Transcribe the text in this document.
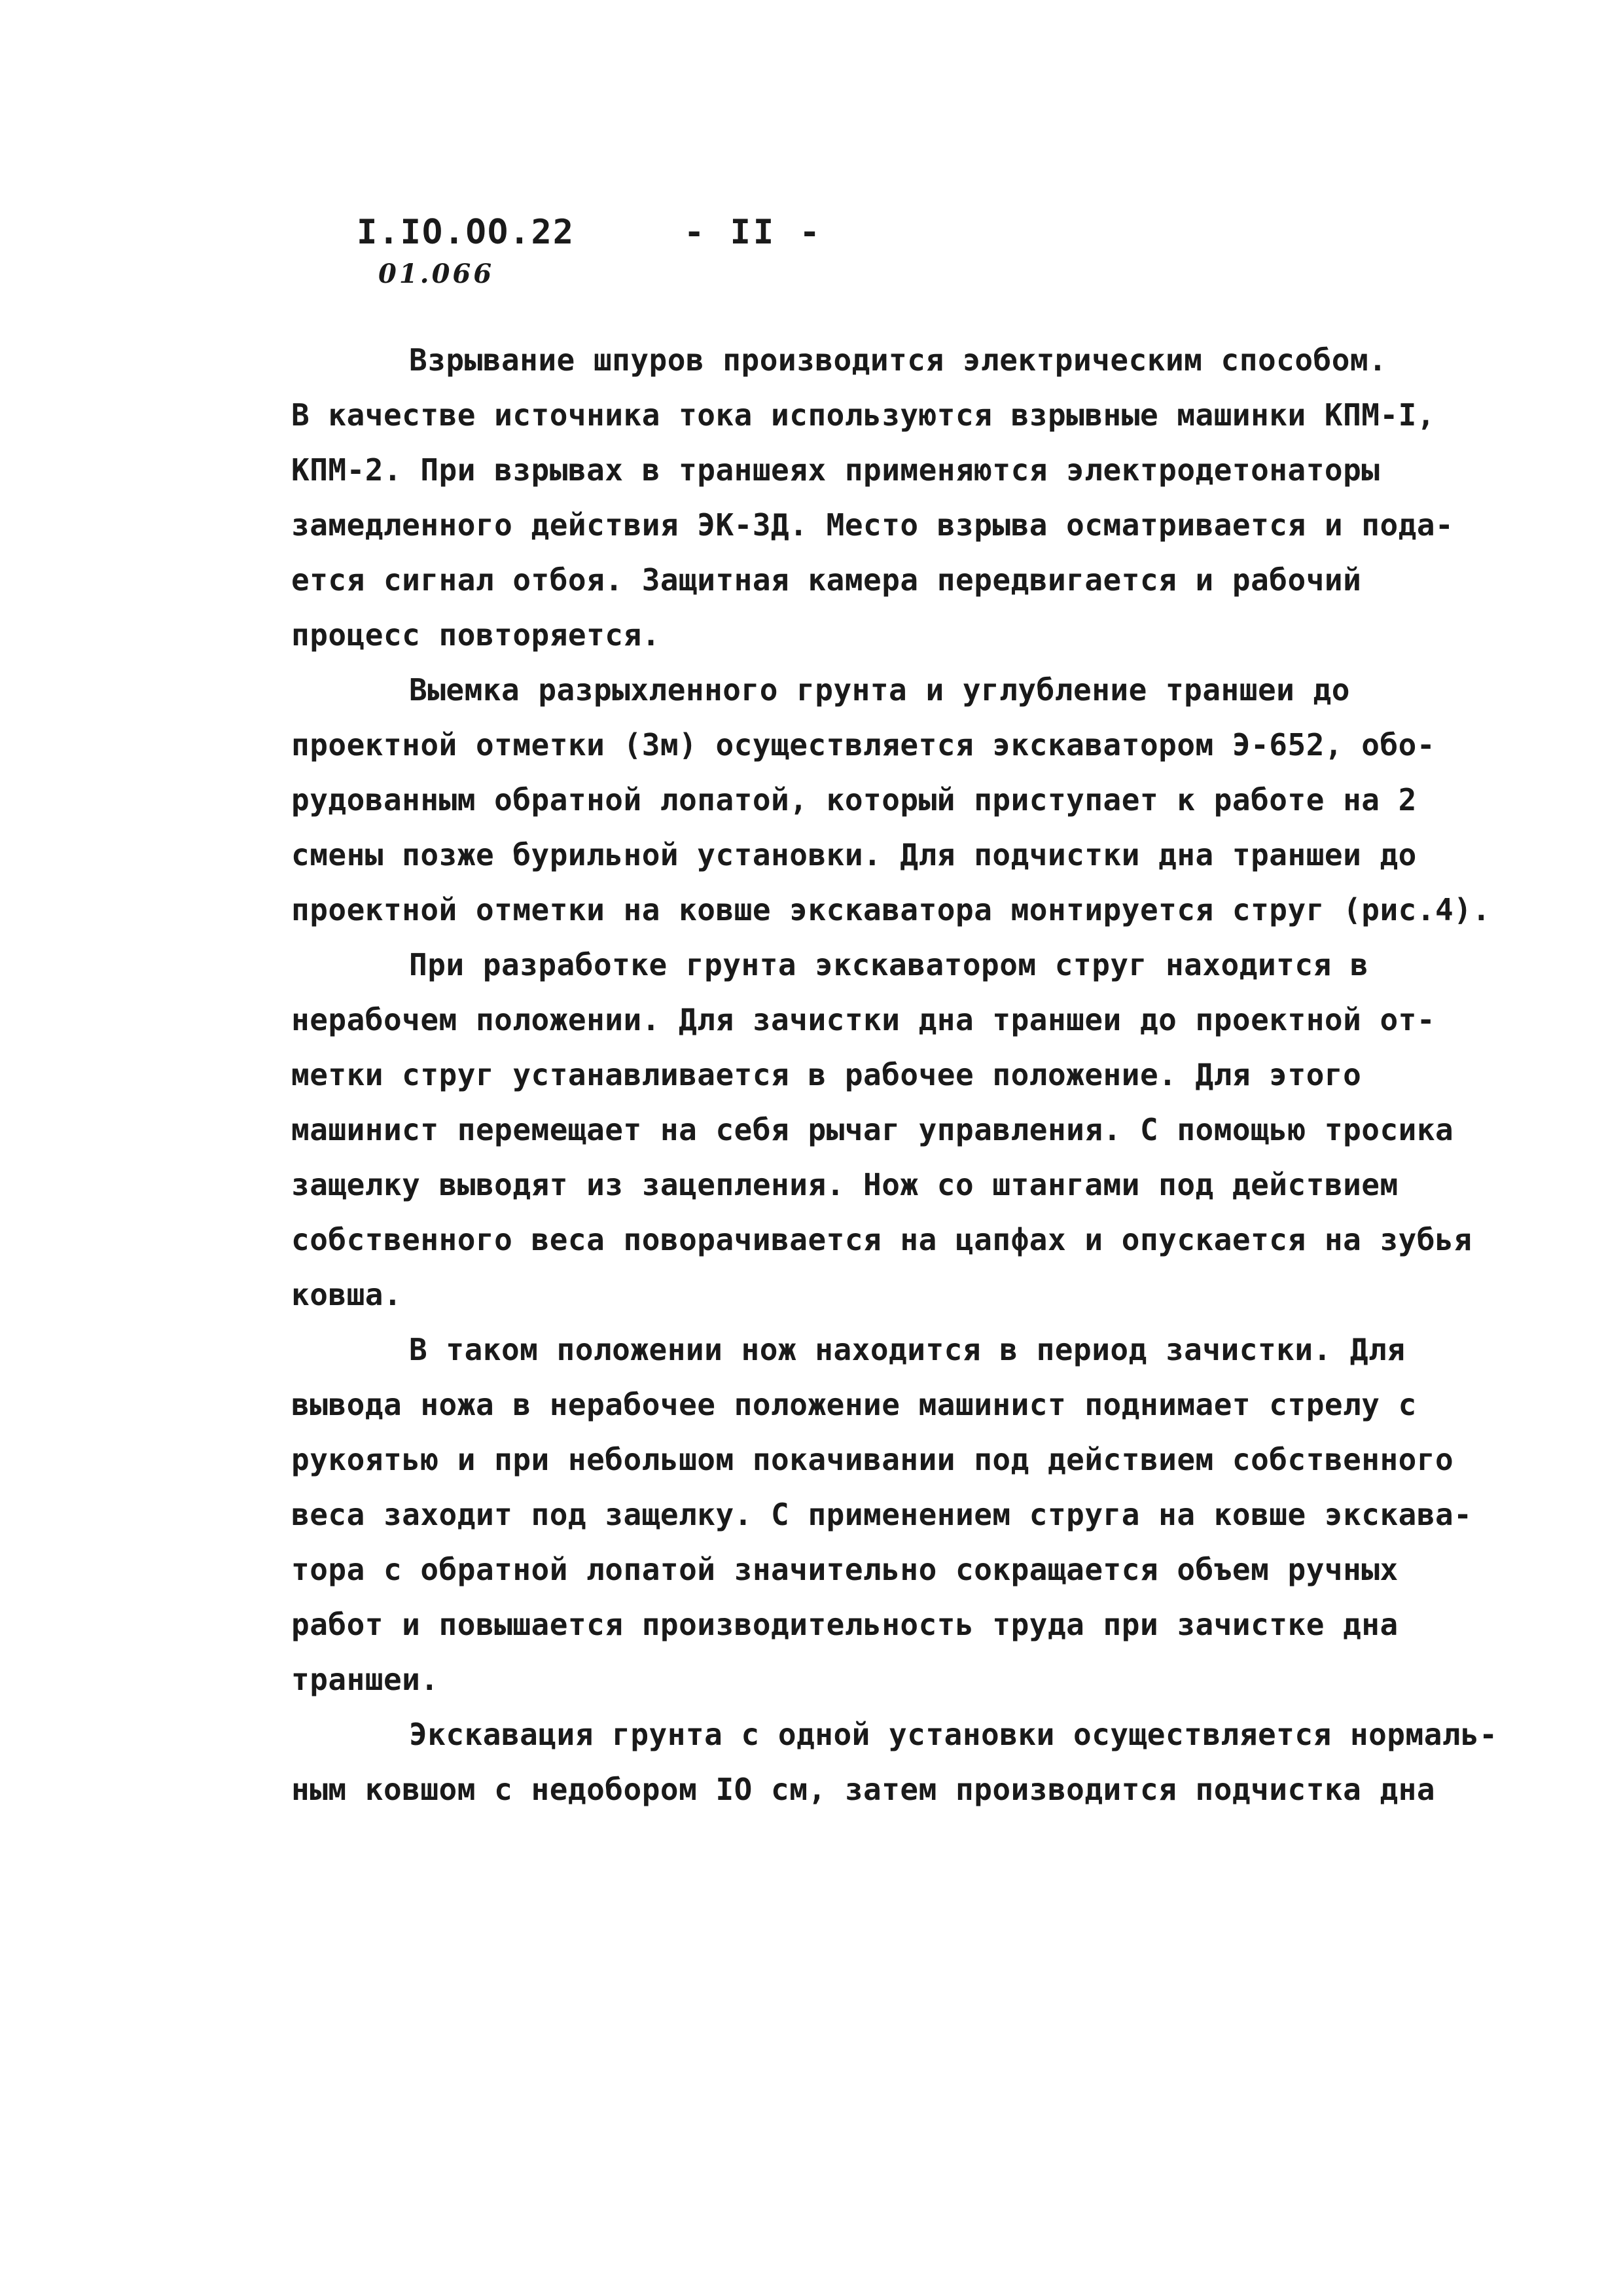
I.IO.OO.22
01.066
- II -
Взрывание шпуров производится электрическим способом.
В качестве источника тока используются взрывные машинки КПМ-I,
КПМ-2. При взрывах в траншеях применяются электродетонаторы
замедленного действия ЭК-ЗД. Место взрыва осматривается и пода-
ется сигнал отбоя. Защитная камера передвигается и рабочий
процесс повторяется.
Выемка разрыхленного грунта и углубление траншеи до
проектной отметки (Зм) осуществляется экскаватором Э-652, обо-
рудованным обратной лопатой, который приступает к работе на 2
смены позже бурильной установки. Для подчистки дна траншеи до
проектной отметки на ковше экскаватора монтируется струг (рис.4).
При разработке грунта экскаватором струг находится в
нерабочем положении. Для зачистки дна траншеи до проектной от-
метки струг устанавливается в рабочее положение. Для этого
машинист перемещает на себя рычаг управления. С помощью тросика
защелку выводят из зацепления. Нож со штангами под действием
собственного веса поворачивается на цапфах и опускается на зубья
ковша.
В таком положении нож находится в период зачистки. Для
вывода ножа в нерабочее положение машинист поднимает стрелу с
рукоятью и при небольшом покачивании под действием собственного
веса заходит под защелку. С применением струга на ковше экскава-
тора с обратной лопатой значительно сокращается объем ручных
работ и повышается производительность труда при зачистке дна
траншеи.
Экскавация грунта с одной установки осуществляется нормаль-
ным ковшом с недобором IO см, затем производится подчистка дна
